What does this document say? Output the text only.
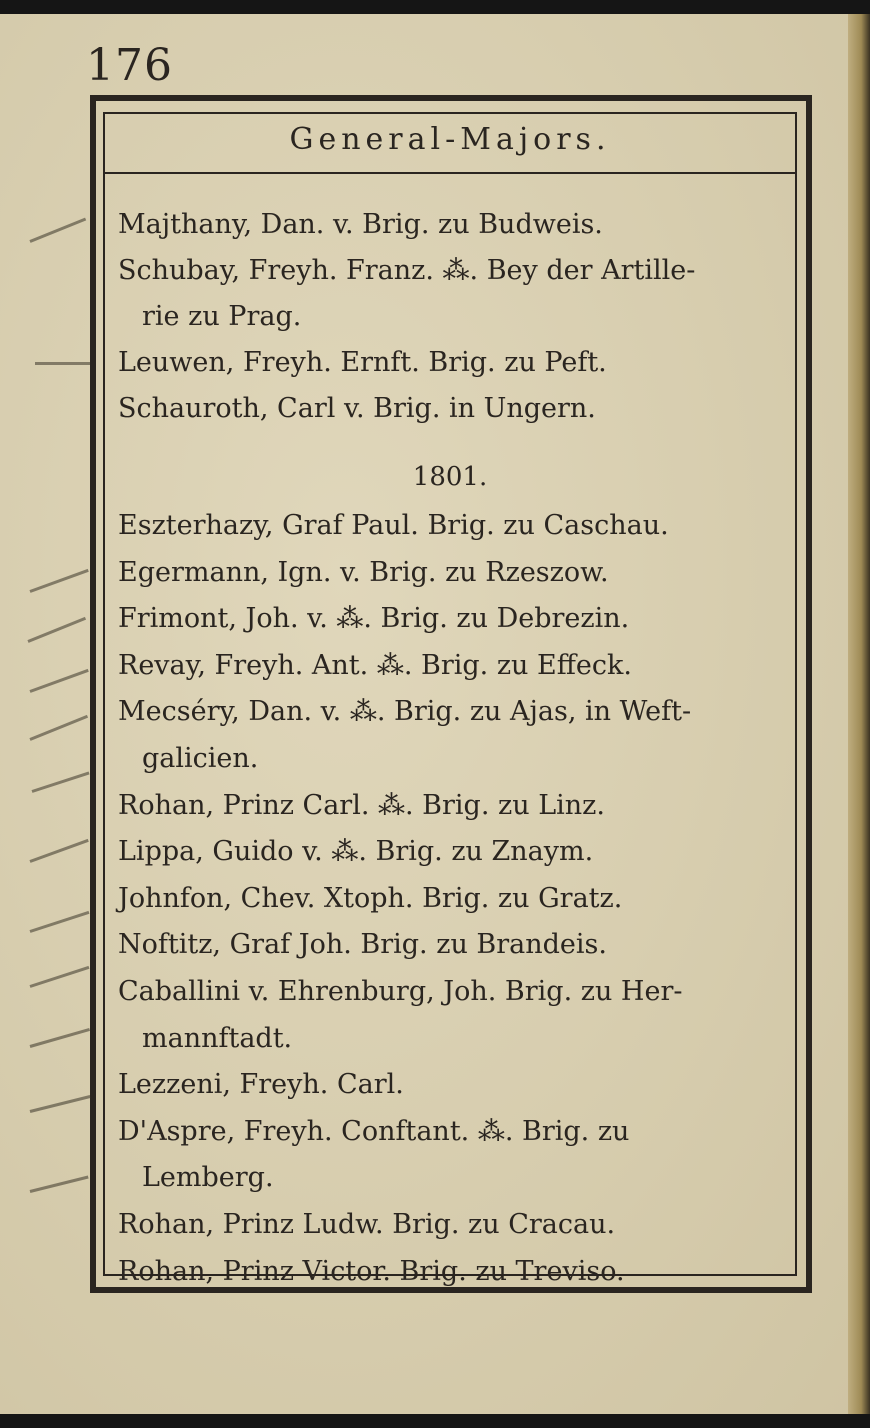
176
General-Majors.
Majthany, Dan. v. Brig. zu Budweis.
Schubay, Freyh. Franz. ⁂. Bey der Artille-
rie zu Prag.
Leuwen, Freyh. Ernft. Brig. zu Peft.
Schauroth, Carl v. Brig. in Ungern.
1801.
Eszterhazy, Graf Paul. Brig. zu Caschau.
Egermann, Ign. v. Brig. zu Rzeszow.
Frimont, Joh. v. ⁂. Brig. zu Debrezin.
Revay, Freyh. Ant. ⁂. Brig. zu Effeck.
Mecséry, Dan. v. ⁂. Brig. zu Ajas, in Weft-
galicien.
Rohan, Prinz Carl. ⁂. Brig. zu Linz.
Lippa, Guido v. ⁂. Brig. zu Znaym.
Johnfon, Chev. Xtoph. Brig. zu Gratz.
Noftitz, Graf Joh. Brig. zu Brandeis.
Caballini v. Ehrenburg, Joh. Brig. zu Her-
mannftadt.
Lezzeni, Freyh. Carl.
D'Aspre, Freyh. Conftant. ⁂. Brig. zu
Lemberg.
Rohan, Prinz Ludw. Brig. zu Cracau.
Rohan, Prinz Victor. Brig. zu Treviso.
